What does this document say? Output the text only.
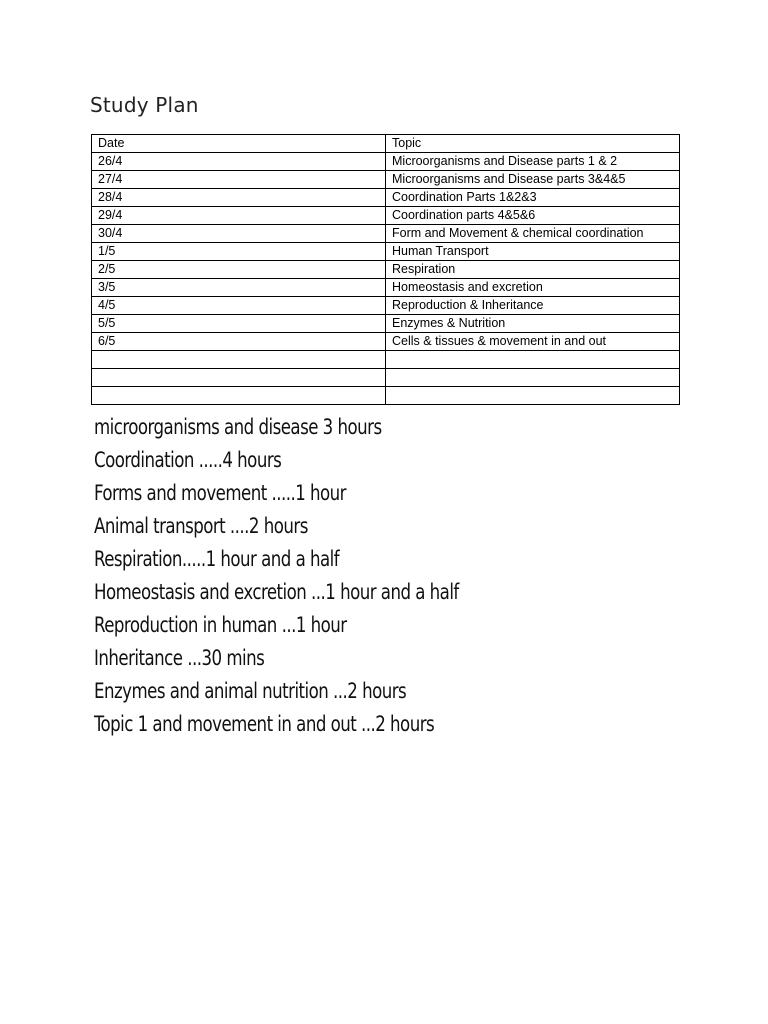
Study Plan
Date	Topic
26/4	Microorganisms and Disease parts 1 & 2
27/4	Microorganisms and Disease parts 3&4&5
28/4	Coordination Parts 1&2&3
29/4	Coordination parts 4&5&6
30/4	Form and Movement & chemical coordination
1/5	Human Transport
2/5	Respiration
3/5	Homeostasis and excretion
4/5	Reproduction & Inheritance
5/5	Enzymes & Nutrition
6/5	Cells & tissues & movement in and out

microorganisms and disease 3 hours
Coordination .....4 hours
Forms and movement .....1 hour
Animal transport ....2 hours
Respiration.....1 hour and a half
Homeostasis and excretion ...1 hour and a half
Reproduction in human ...1 hour
Inheritance ...30 mins
Enzymes and animal nutrition ...2 hours
Topic 1 and movement in and out ...2 hours
